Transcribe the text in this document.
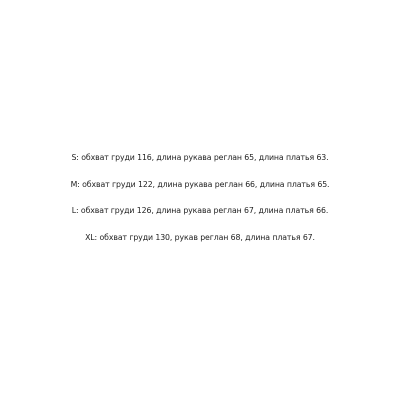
S: обхват груди 116, длина рукава реглан 65, длина платья 63.
M: обхват груди 122, длина рукава реглан 66, длина платья 65.
L: обхват груди 126, длина рукава реглан 67, длина платья 66.
XL: обхват груди 130, рукав реглан 68, длина платья 67.
